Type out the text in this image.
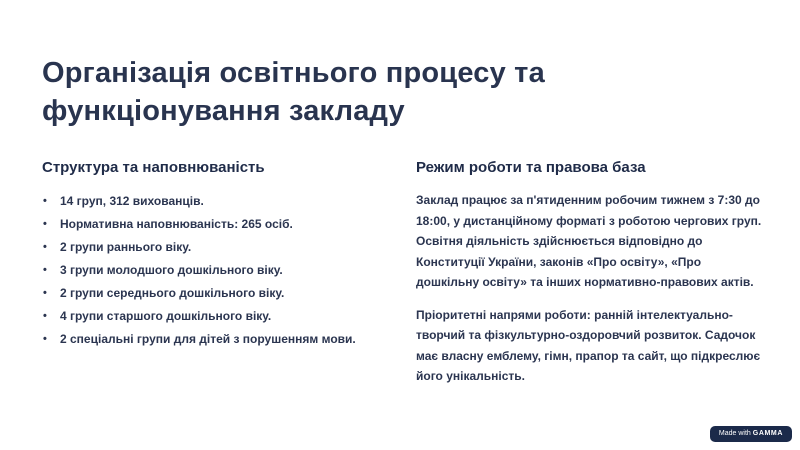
Організація освітнього процесу та
функціонування закладу
Структура та наповнюваність
• 14 груп, 312 вихованців.
• Нормативна наповнюваність: 265 осіб.
• 2 групи раннього віку.
• 3 групи молодшого дошкільного віку.
• 2 групи середнього дошкільного віку.
• 4 групи старшого дошкільного віку.
• 2 спеціальні групи для дітей з порушенням мови.
Режим роботи та правова база

Заклад працює за п'ятиденним робочим тижнем з 7:30 до 18:00, у дистанційному форматі з роботою чергових груп. Освітня діяльність здійснюється відповідно до Конституції України, законів «Про освіту», «Про дошкільну освіту» та інших нормативно-правових актів.

Пріоритетні напрями роботи: ранній інтелектуально-творчий та фізкультурно-оздоровчий розвиток. Садочок має власну емблему, гімн, прапор та сайт, що підкреслює його унікальність.

Made with GAMMA
